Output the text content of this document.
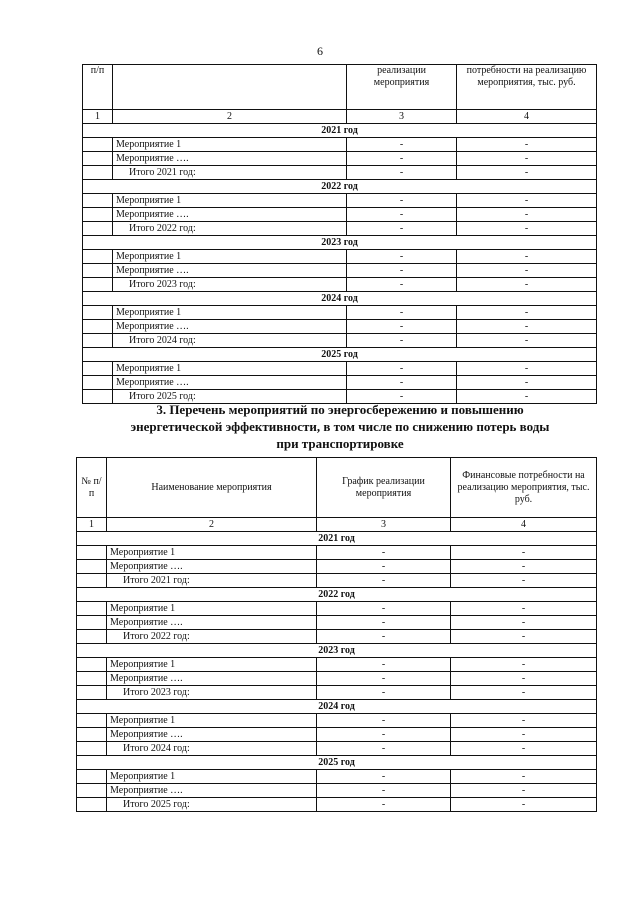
6
п/п		реализации мероприятия	потребности на реализацию мероприятия, тыс. руб.
1	2	3	4
2021 год			
	Мероприятие 1	-	-
	Мероприятие ….	-	-
	Итого 2021 год:	-	-
2022 год			
	Мероприятие 1	-	-
	Мероприятие ….	-	-
	Итого 2022 год:	-	-
2023 год			
	Мероприятие 1	-	-
	Мероприятие ….	-	-
	Итого 2023 год:	-	-
2024 год			
	Мероприятие 1	-	-
	Мероприятие ….	-	-
	Итого 2024 год:	-	-
2025 год			
	Мероприятие 1	-	-
	Мероприятие ….	-	-
	Итого 2025 год:	-	-
3. Перечень мероприятий по энергосбережению и повышению
энергетической эффективности, в том числе по снижению потерь воды
при транспортировке
№ п/п	Наименование мероприятия	График реализации мероприятия	Финансовые потребности на реализацию мероприятия, тыс. руб.
1	2	3	4
2021 год			
	Мероприятие 1	-	-
	Мероприятие ….	-	-
	Итого 2021 год:	-	-
2022 год			
	Мероприятие 1	-	-
	Мероприятие ….	-	-
	Итого 2022 год:	-	-
2023 год			
	Мероприятие 1	-	-
	Мероприятие ….	-	-
	Итого 2023 год:	-	-
2024 год			
	Мероприятие 1	-	-
	Мероприятие ….	-	-
	Итого 2024 год:	-	-
2025 год			
	Мероприятие 1	-	-
	Мероприятие ….	-	-
	Итого 2025 год:	-	-
